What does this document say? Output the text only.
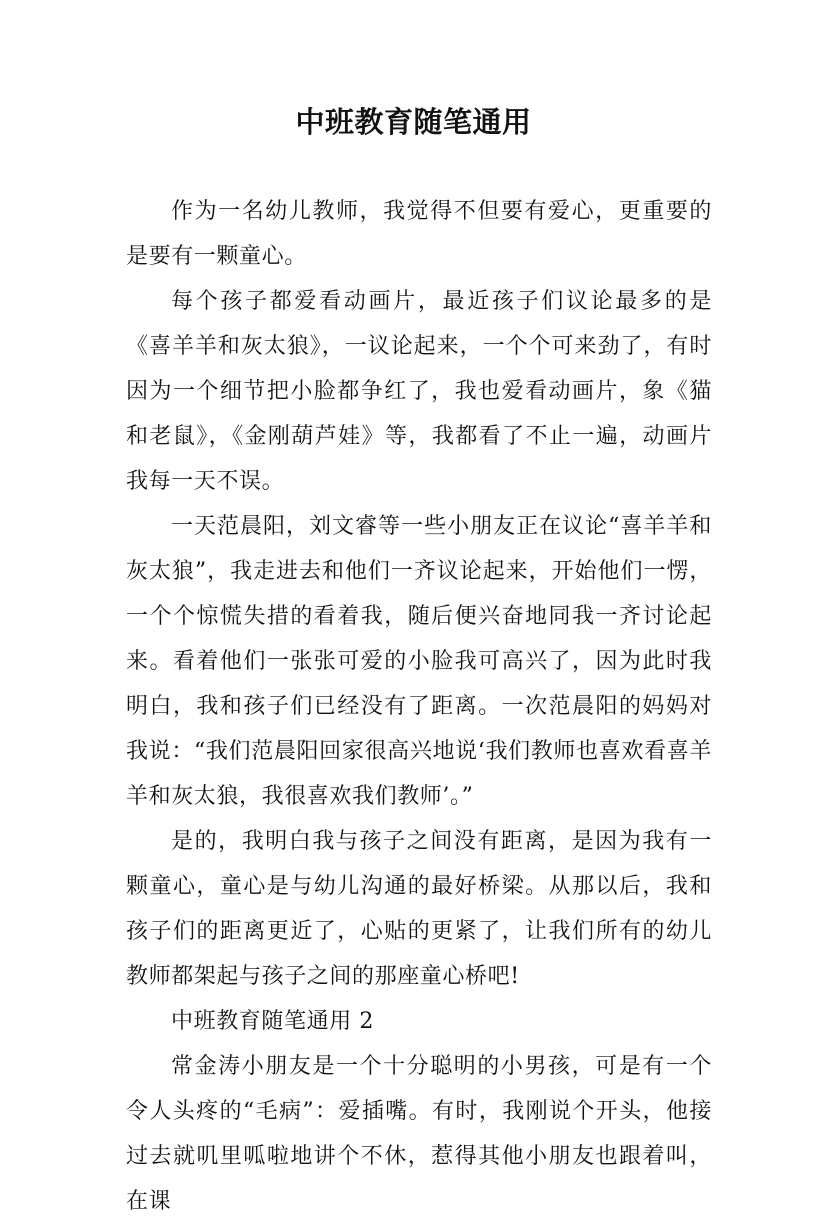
中班教育随笔通用

作为一名幼儿教师，我觉得不但要有爱心，更重要的是要有一颗童心。

每个孩子都爱看动画片，最近孩子们议论最多的是《喜羊羊和灰太狼》，一议论起来，一个个可来劲了，有时因为一个细节把小脸都争红了，我也爱看动画片，象《猫和老鼠》，《金刚葫芦娃》等，我都看了不止一遍，动画片我每一天不误。

一天范晨阳，刘文睿等一些小朋友正在议论“喜羊羊和灰太狼”，我走进去和他们一齐议论起来，开始他们一愣，一个个惊慌失措的看着我，随后便兴奋地同我一齐讨论起来。看着他们一张张可爱的小脸我可高兴了，因为此时我明白，我和孩子们已经没有了距离。一次范晨阳的妈妈对我说：“我们范晨阳回家很高兴地说‘我们教师也喜欢看喜羊羊和灰太狼，我很喜欢我们教师’。”

是的，我明白我与孩子之间没有距离，是因为我有一颗童心，童心是与幼儿沟通的最好桥梁。从那以后，我和孩子们的距离更近了，心贴的更紧了，让我们所有的幼儿教师都架起与孩子之间的那座童心桥吧!

中班教育随笔通用 2

常金涛小朋友是一个十分聪明的小男孩，可是有一个令人头疼的“毛病”：爱插嘴。有时，我刚说个开头，他接过去就叽里呱啦地讲个不休，惹得其他小朋友也跟着叫，在课
